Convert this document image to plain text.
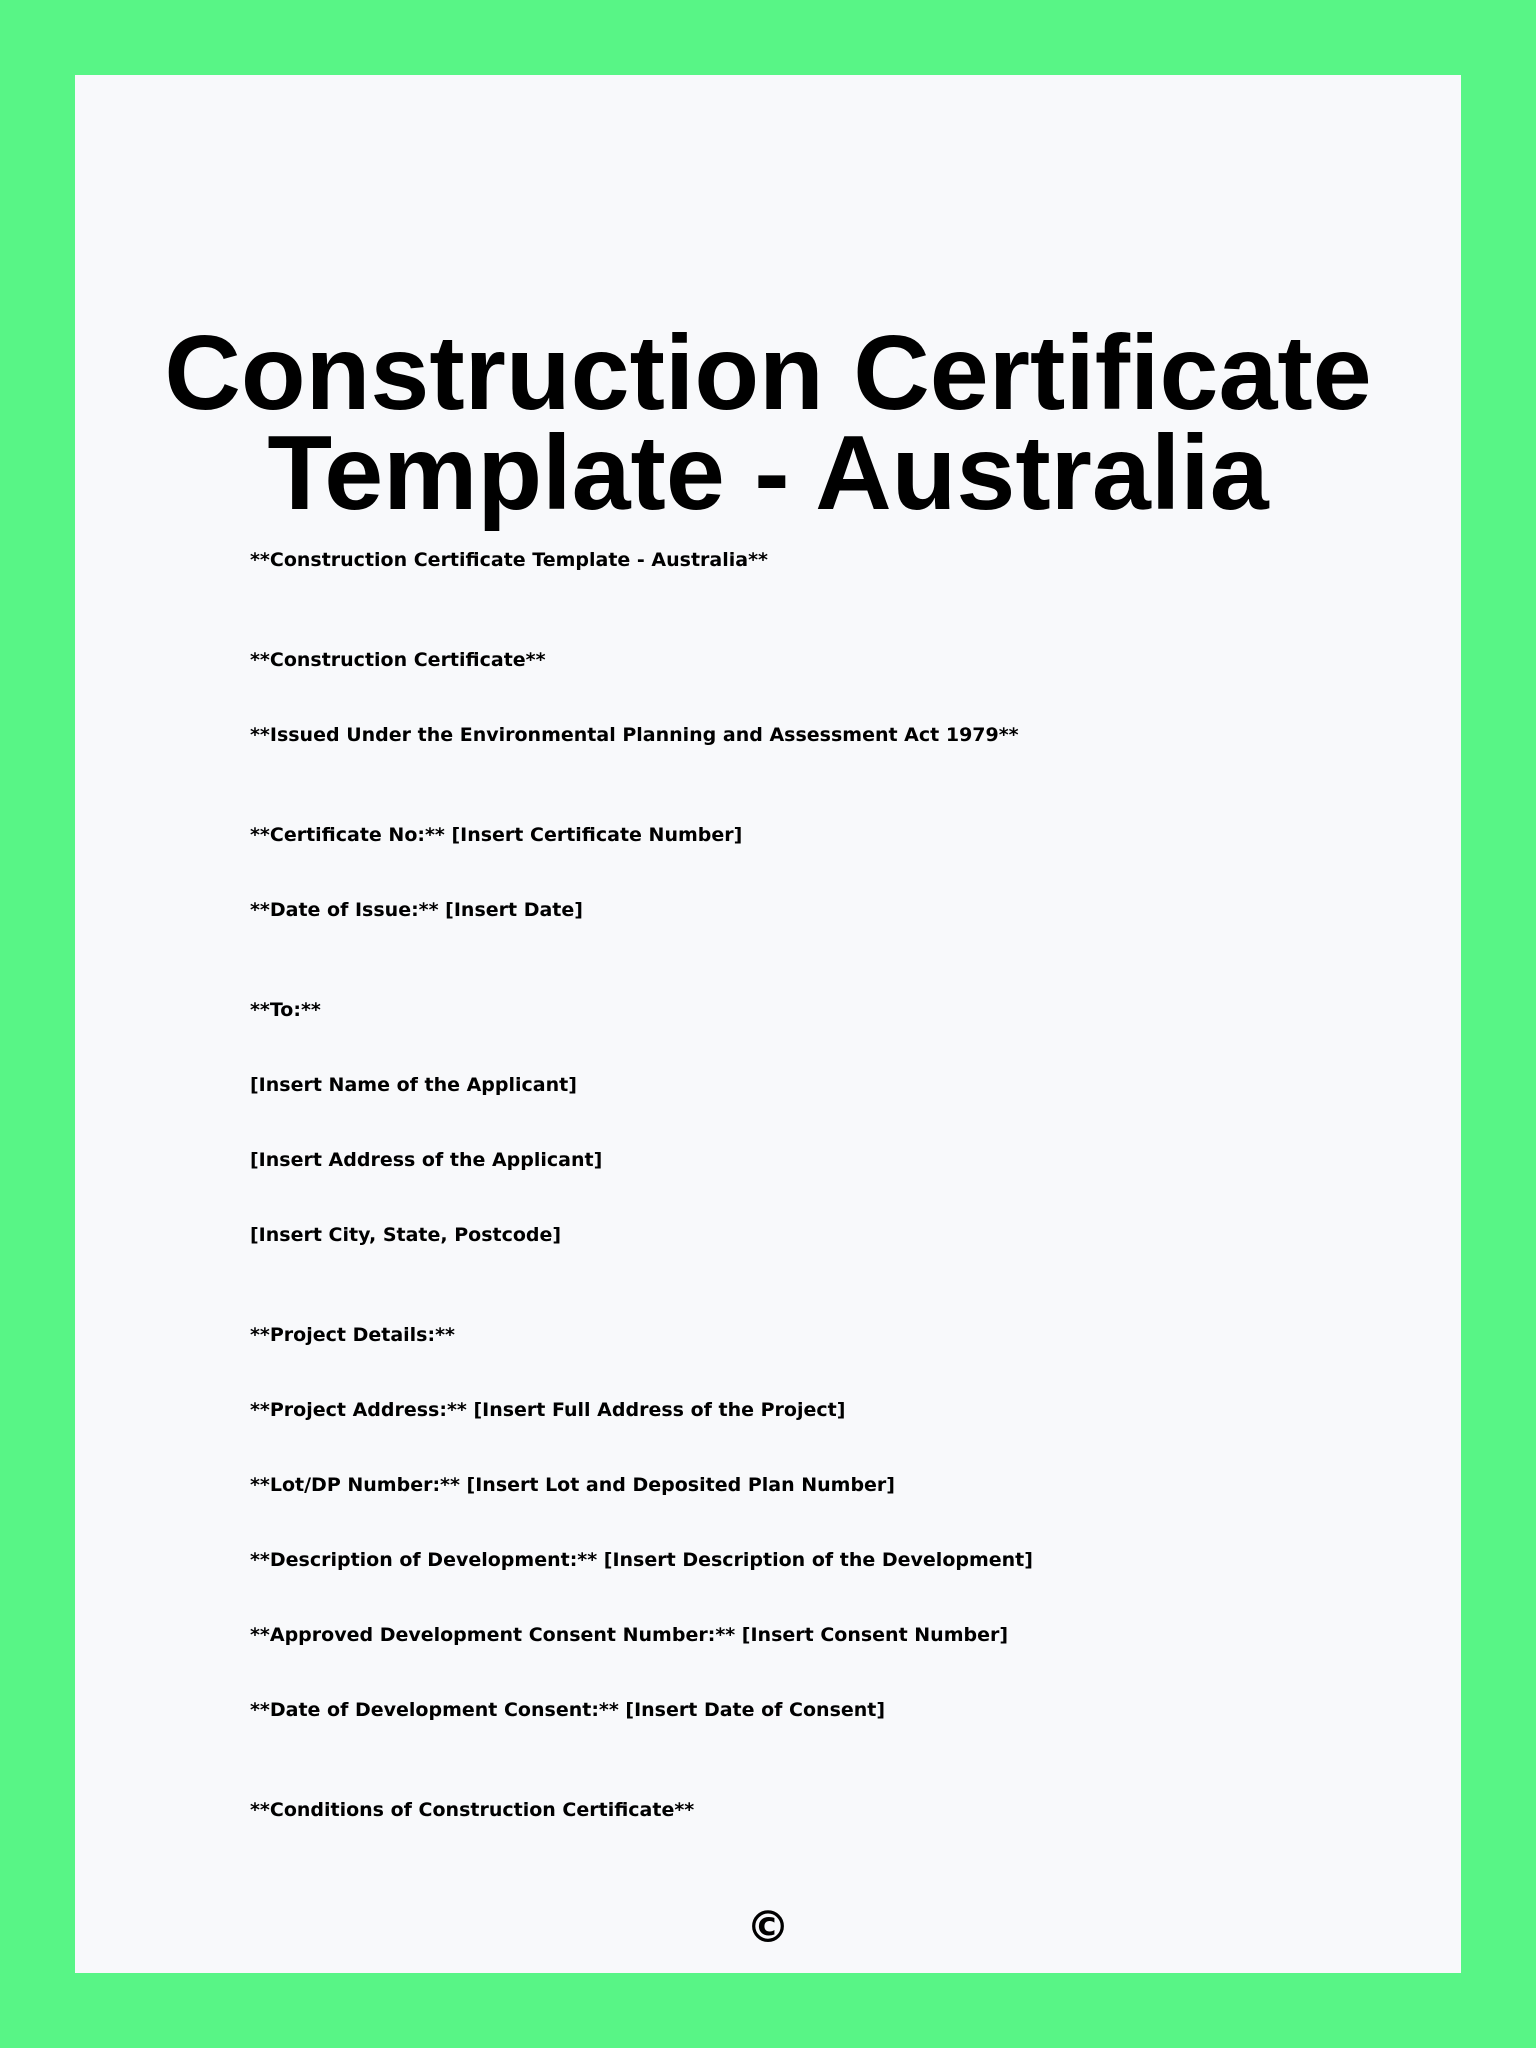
Construction Certificate
Template - Australia

**Construction Certificate Template - Australia**

**Construction Certificate**

**Issued Under the Environmental Planning and Assessment Act 1979**

**Certificate No:** [Insert Certificate Number]

**Date of Issue:** [Insert Date]

**To:**

[Insert Name of the Applicant]

[Insert Address of the Applicant]

[Insert City, State, Postcode]

**Project Details:**

**Project Address:** [Insert Full Address of the Project]

**Lot/DP Number:** [Insert Lot and Deposited Plan Number]

**Description of Development:** [Insert Description of the Development]

**Approved Development Consent Number:** [Insert Consent Number]

**Date of Development Consent:** [Insert Date of Consent]

**Conditions of Construction Certificate**

©
